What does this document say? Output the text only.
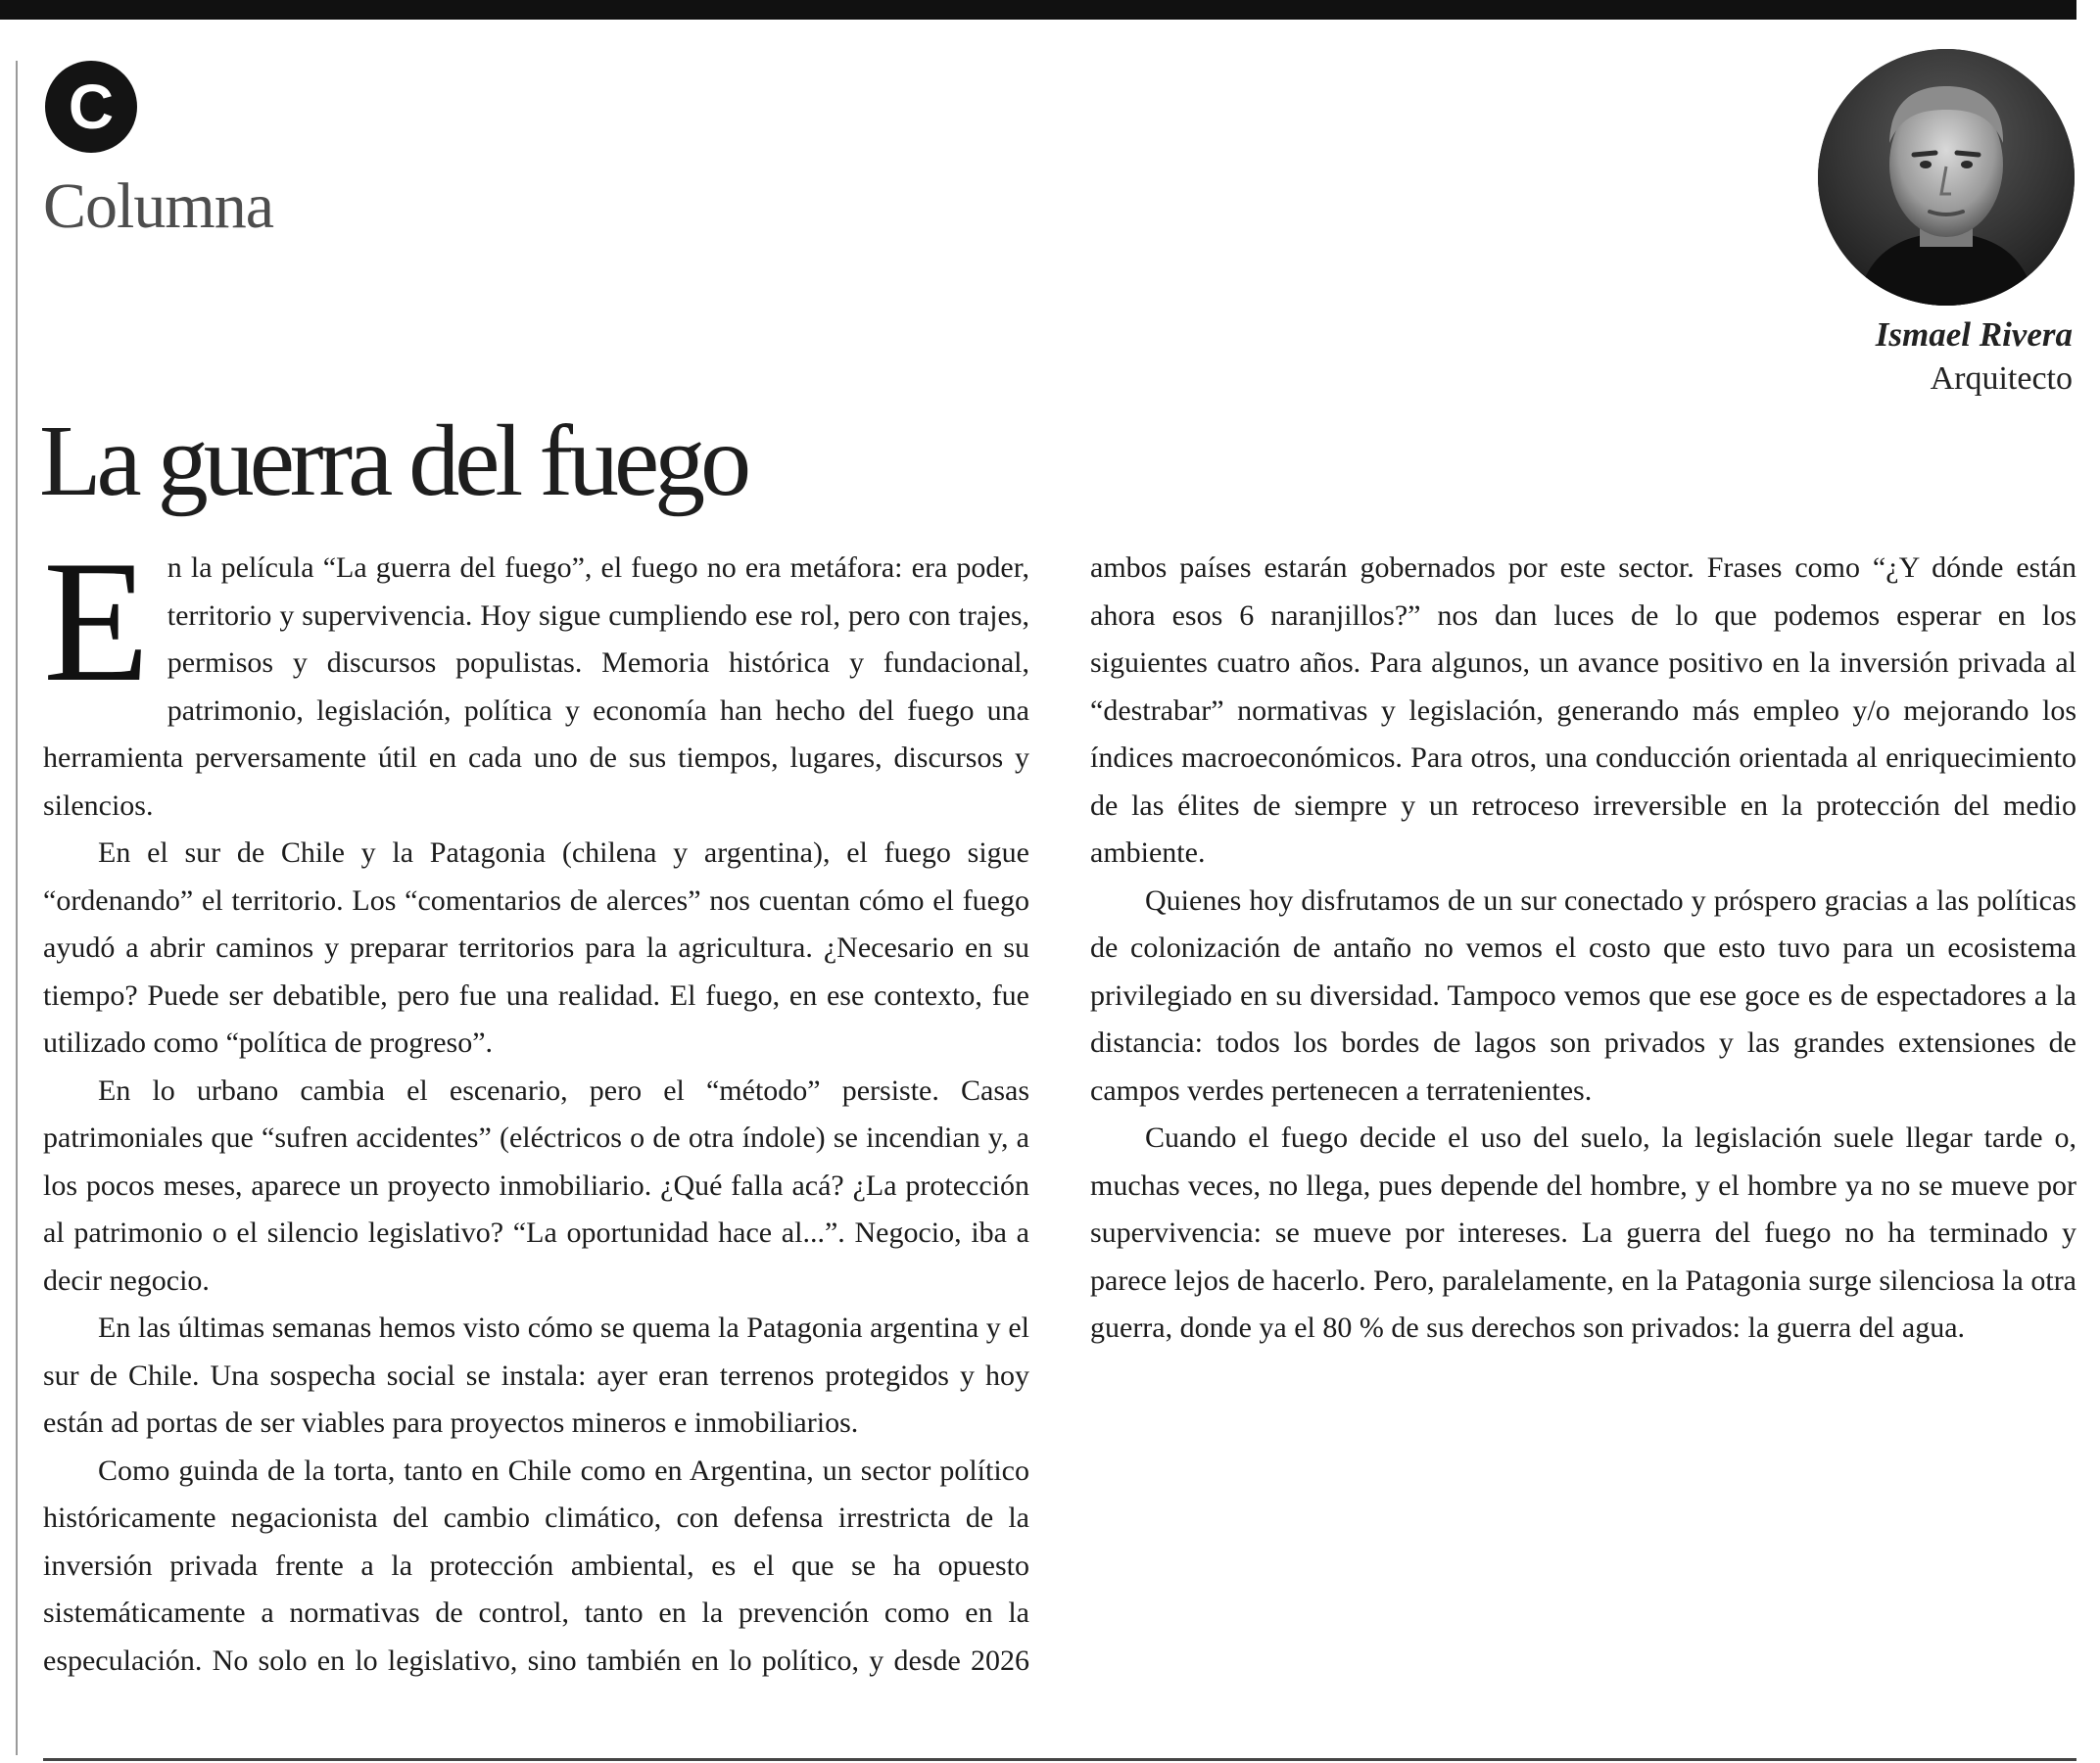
C
Columna
Ismael Rivera
Arquitecto
La guerra del fuego

En la película “La guerra del fuego”, el fuego no era metáfora: era poder, territorio y supervivencia. Hoy sigue cumpliendo ese rol, pero con trajes, permisos y discursos populistas. Memoria histórica y fundacional, patrimonio, legislación, política y economía han hecho del fuego una herramienta perversamente útil en cada uno de sus tiempos, lugares, discursos y silencios.

En el sur de Chile y la Patagonia (chilena y argentina), el fuego sigue “ordenando” el territorio. Los “comentarios de alerces” nos cuentan cómo el fuego ayudó a abrir caminos y preparar territorios para la agricultura. ¿Necesario en su tiempo? Puede ser debatible, pero fue una realidad. El fuego, en ese contexto, fue utilizado como “política de progreso”.

En lo urbano cambia el escenario, pero el “método” persiste. Casas patrimoniales que “sufren accidentes” (eléctricos o de otra índole) se incendian y, a los pocos meses, aparece un proyecto inmobiliario. ¿Qué falla acá? ¿La protección al patrimonio o el silencio legislativo? “La oportunidad hace al...”. Negocio, iba a decir negocio.

En las últimas semanas hemos visto cómo se quema la Patagonia argentina y el sur de Chile. Una sospecha social se instala: ayer eran terrenos protegidos y hoy están ad portas de ser viables para proyectos mineros e inmobiliarios.

Como guinda de la torta, tanto en Chile como en Argentina, un sector político históricamente negacionista del cambio climático, con defensa irrestricta de la inversión privada frente a la protección ambiental, es el que se ha opuesto sistemáticamente a normativas de control, tanto en la prevención como en la especulación. No solo en lo legislativo, sino también en lo político, y desde 2026 ambos países estarán gobernados por este sector. Frases como “¿Y dónde están ahora esos 6 naranjillos?” nos dan luces de lo que podemos esperar en los siguientes cuatro años. Para algunos, un avance positivo en la inversión privada al “destrabar” normativas y legislación, generando más empleo y/o mejorando los índices macroeconómicos. Para otros, una conducción orientada al enriquecimiento de las élites de siempre y un retroceso irreversible en la protección del medio ambiente.

Quienes hoy disfrutamos de un sur conectado y próspero gracias a las políticas de colonización de antaño no vemos el costo que esto tuvo para un ecosistema privilegiado en su diversidad. Tampoco vemos que ese goce es de espectadores a la distancia: todos los bordes de lagos son privados y las grandes extensiones de campos verdes pertenecen a terratenientes.

Cuando el fuego decide el uso del suelo, la legislación suele llegar tarde o, muchas veces, no llega, pues depende del hombre, y el hombre ya no se mueve por supervivencia: se mueve por intereses. La guerra del fuego no ha terminado y parece lejos de hacerlo. Pero, paralelamente, en la Patagonia surge silenciosa la otra guerra, donde ya el 80 % de sus derechos son privados: la guerra del agua.
